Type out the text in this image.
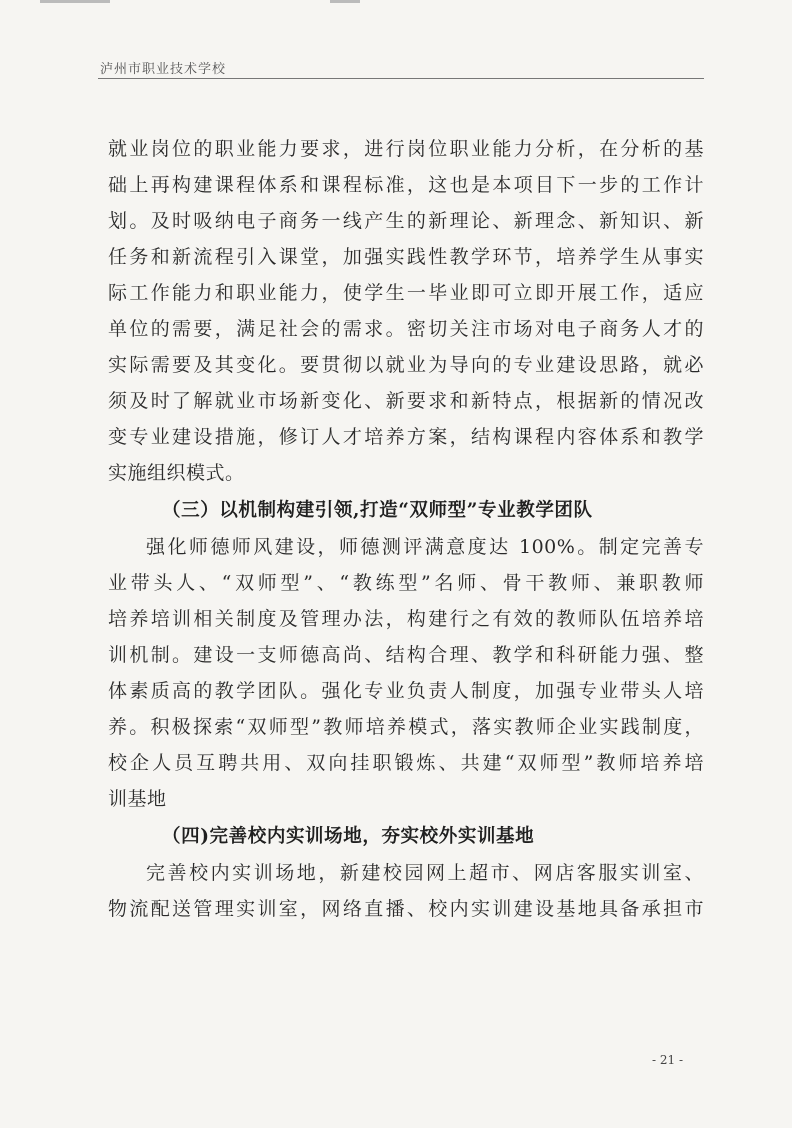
泸州市职业技术学校
就业岗位的职业能力要求，进行岗位职业能力分析，在分析的基
础上再构建课程体系和课程标准，这也是本项目下一步的工作计
划。及时吸纳电子商务一线产生的新理论、新理念、新知识、新
任务和新流程引入课堂，加强实践性教学环节，培养学生从事实
际工作能力和职业能力，使学生一毕业即可立即开展工作，适应
单位的需要，满足社会的需求。密切关注市场对电子商务人才的
实际需要及其变化。要贯彻以就业为导向的专业建设思路，就必
须及时了解就业市场新变化、新要求和新特点，根据新的情况改
变专业建设措施，修订人才培养方案，结构课程内容体系和教学
实施组织模式。
（三）以机制构建引领,打造“双师型”专业教学团队
强化师德师风建设，师德测评满意度达 100%。制定完善专
业带头人、“双师型”、“教练型”名师、骨干教师、兼职教师
培养培训相关制度及管理办法，构建行之有效的教师队伍培养培
训机制。建设一支师德高尚、结构合理、教学和科研能力强、整
体素质高的教学团队。强化专业负责人制度，加强专业带头人培
养。积极探索“双师型”教师培养模式，落实教师企业实践制度，
校企人员互聘共用、双向挂职锻炼、共建“双师型”教师培养培
训基地
（四)完善校内实训场地，夯实校外实训基地
完善校内实训场地，新建校园网上超市、网店客服实训室、
物流配送管理实训室，网络直播、校内实训建设基地具备承担市
- 21 -
